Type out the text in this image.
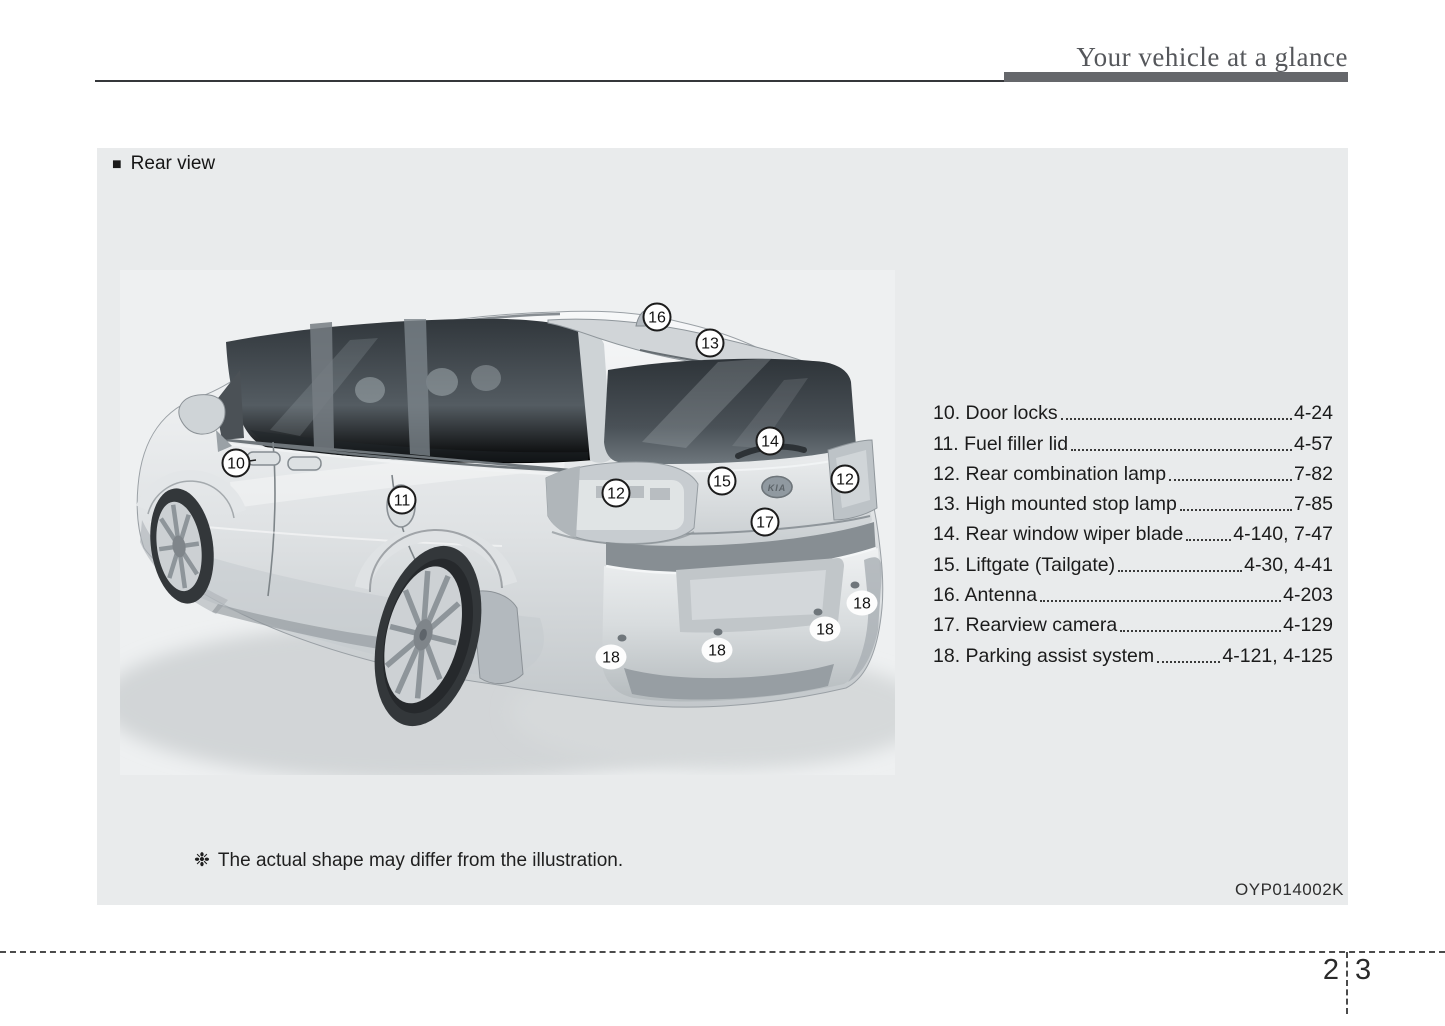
Your vehicle at a glance
■ Rear view
KIA
10
11	12
12
13
14
15
16
17
18
18
18
18
10. Door locks	4-24
11. Fuel filler lid	4-57
12. Rear combination lamp	7-82
13. High mounted stop lamp	7-85
14. Rear window wiper blade	4-140, 7-47
15. Liftgate (Tailgate)	4-30, 4-41
16. Antenna	4-203
17. Rearview camera	4-129
18. Parking assist system	4-121, 4-125
❉ The actual shape may differ from the illustration.
OYP014002K
2 3
